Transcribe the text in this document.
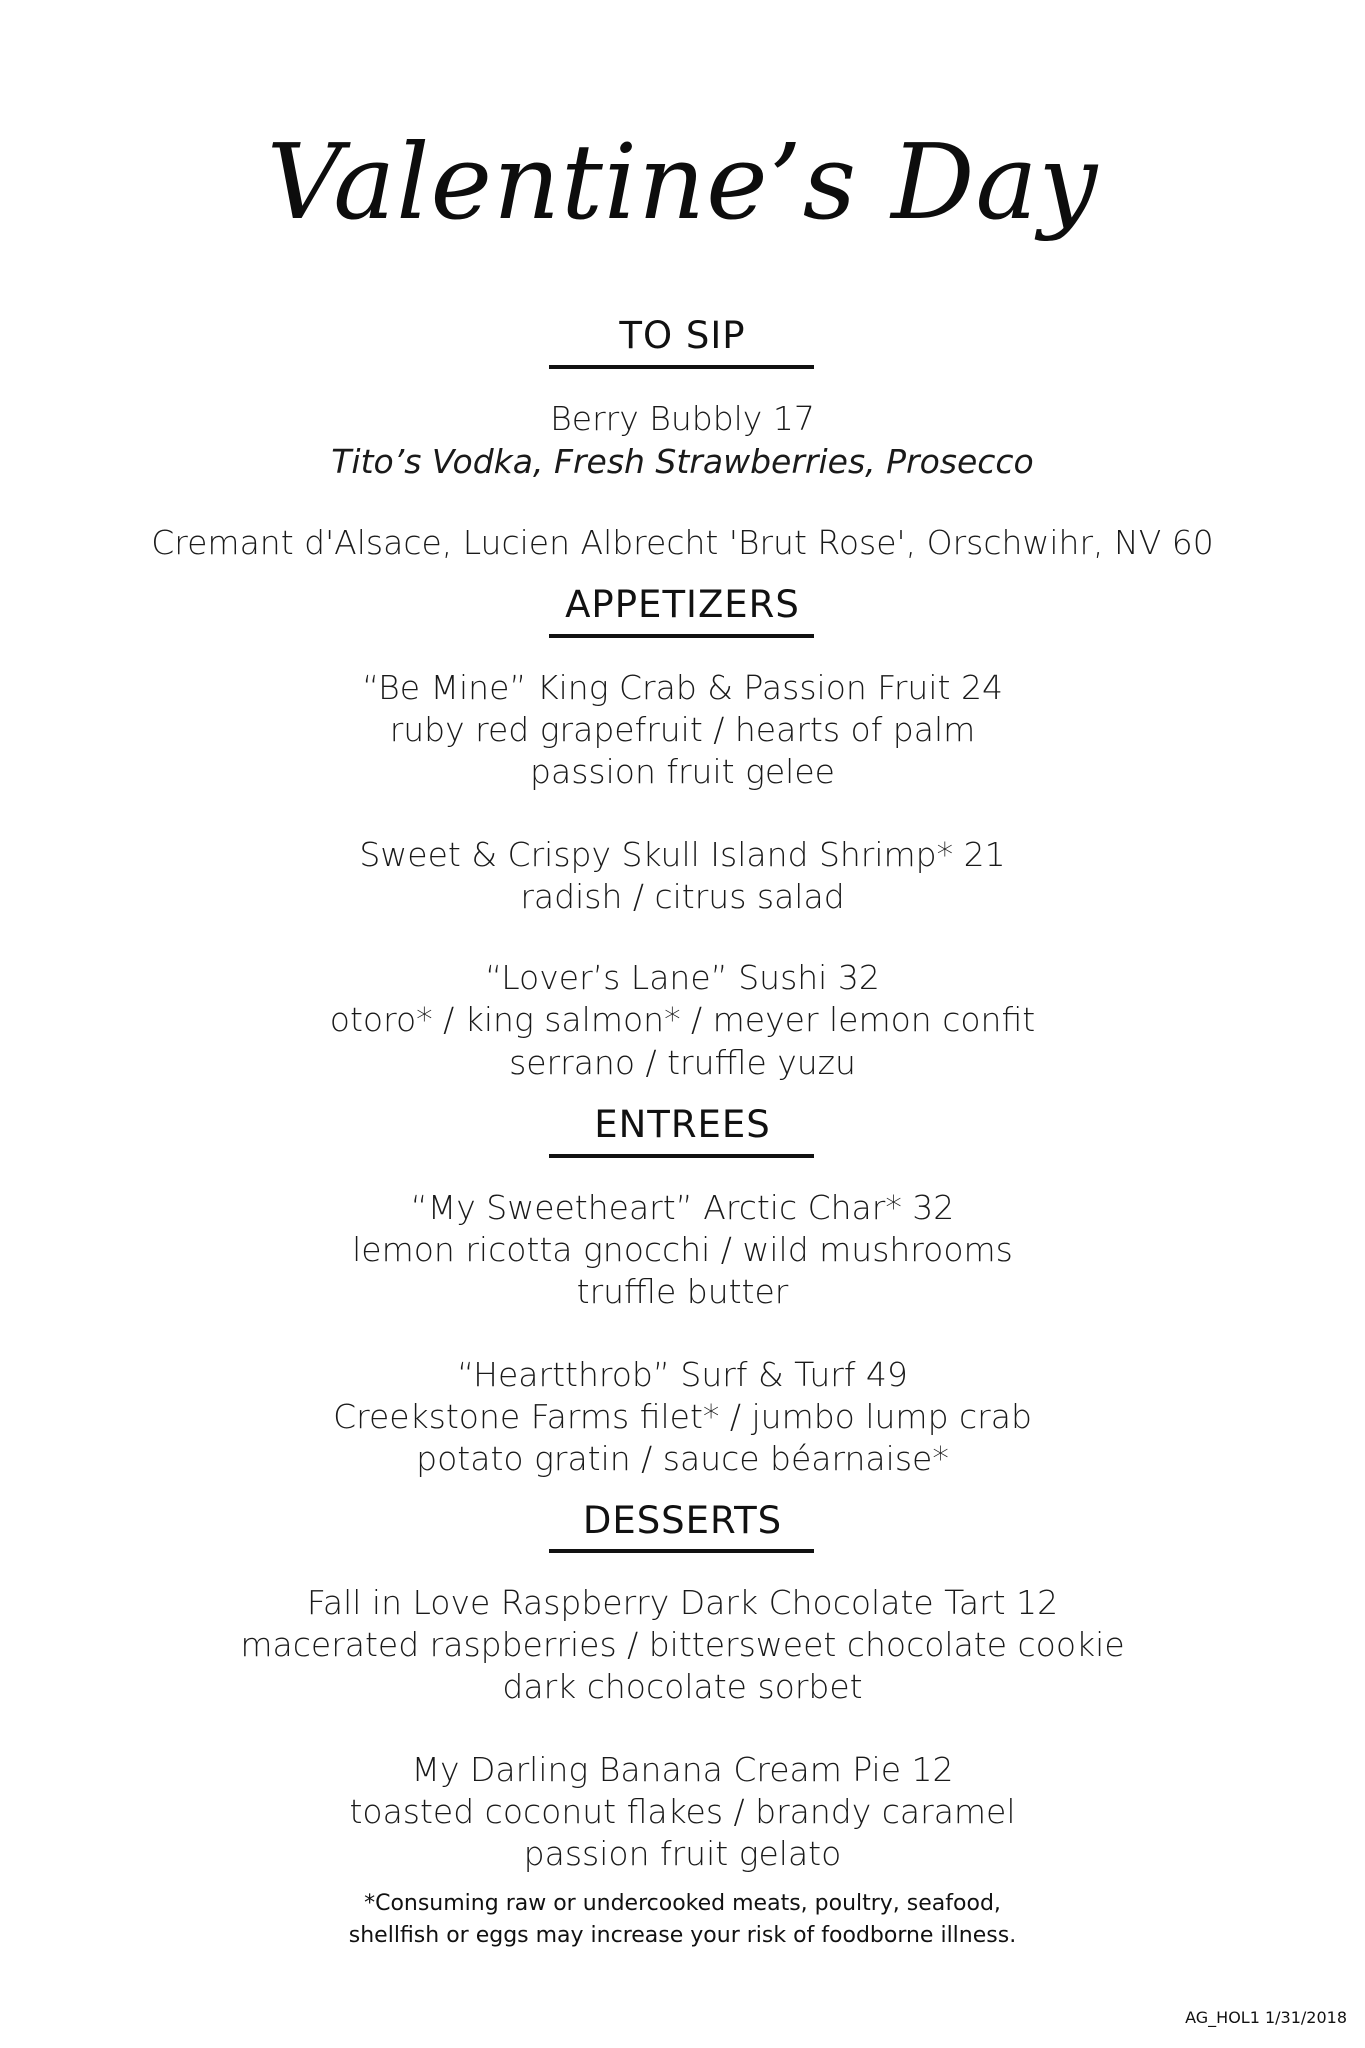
Valentine’s Day
TO SIP
Berry Bubbly 17
Tito’s Vodka, Fresh Strawberries, Prosecco
Cremant d'Alsace, Lucien Albrecht 'Brut Rose', Orschwihr, NV 60
APPETIZERS
“Be Mine” King Crab & Passion Fruit 24
ruby red grapefruit / hearts of palm
passion fruit gelee
Sweet & Crispy Skull Island Shrimp* 21
radish / citrus salad
“Lover’s Lane” Sushi 32
otoro* / king salmon* / meyer lemon confit
serrano / truffle yuzu
ENTREES
“My Sweetheart” Arctic Char* 32
lemon ricotta gnocchi / wild mushrooms
truffle butter
“Heartthrob” Surf & Turf 49
Creekstone Farms filet* / jumbo lump crab
potato gratin / sauce béarnaise*
DESSERTS
Fall in Love Raspberry Dark Chocolate Tart 12
macerated raspberries / bittersweet chocolate cookie
dark chocolate sorbet
My Darling Banana Cream Pie 12
toasted coconut flakes / brandy caramel
passion fruit gelato
*Consuming raw or undercooked meats, poultry, seafood,
shellfish or eggs may increase your risk of foodborne illness.
AG_HOL1 1/31/2018
